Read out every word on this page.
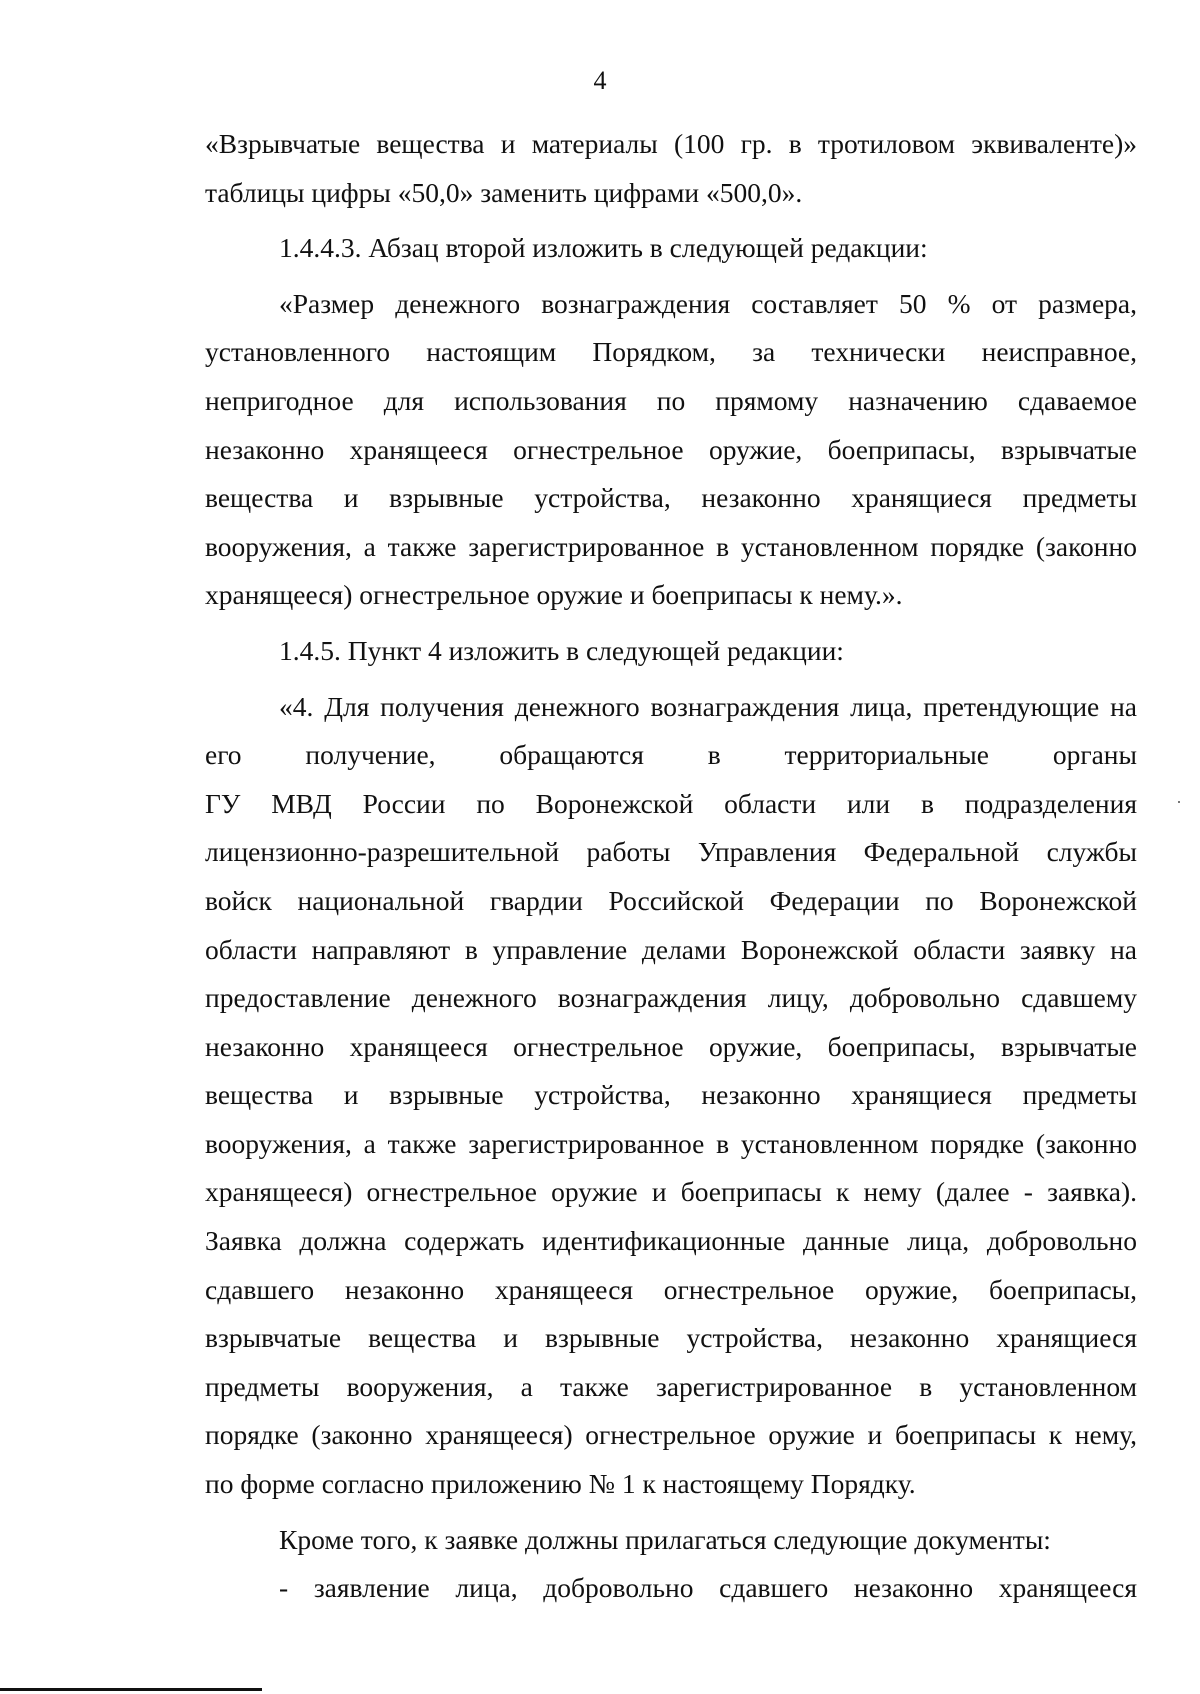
4
«Взрывчатые вещества и материалы (100 гр. в тротиловом эквиваленте)»
таблицы цифры «50,0» заменить цифрами «500,0».
1.4.4.3. Абзац второй изложить в следующей редакции:
«Размер денежного вознаграждения составляет 50 % от размера,
установленного настоящим Порядком, за технически неисправное,
непригодное для использования по прямому назначению сдаваемое
незаконно хранящееся огнестрельное оружие, боеприпасы, взрывчатые
вещества и взрывные устройства, незаконно хранящиеся предметы
вооружения, а также зарегистрированное в установленном порядке (законно
хранящееся) огнестрельное оружие и боеприпасы к нему.».
1.4.5. Пункт 4 изложить в следующей редакции:
«4. Для получения денежного вознаграждения лица, претендующие на
его получение, обращаются в территориальные органы
ГУ МВД России по Воронежской области или в подразделения
лицензионно-разрешительной работы Управления Федеральной службы
войск национальной гвардии Российской Федерации по Воронежской
области направляют в управление делами Воронежской области заявку на
предоставление денежного вознаграждения лицу, добровольно сдавшему
незаконно хранящееся огнестрельное оружие, боеприпасы, взрывчатые
вещества и взрывные устройства, незаконно хранящиеся предметы
вооружения, а также зарегистрированное в установленном порядке (законно
хранящееся) огнестрельное оружие и боеприпасы к нему (далее - заявка).
Заявка должна содержать идентификационные данные лица, добровольно
сдавшего незаконно хранящееся огнестрельное оружие, боеприпасы,
взрывчатые вещества и взрывные устройства, незаконно хранящиеся
предметы вооружения, а также зарегистрированное в установленном
порядке (законно хранящееся) огнестрельное оружие и боеприпасы к нему,
по форме согласно приложению № 1 к настоящему Порядку.
Кроме того, к заявке должны прилагаться следующие документы:
- заявление лица, добровольно сдавшего незаконно хранящееся
